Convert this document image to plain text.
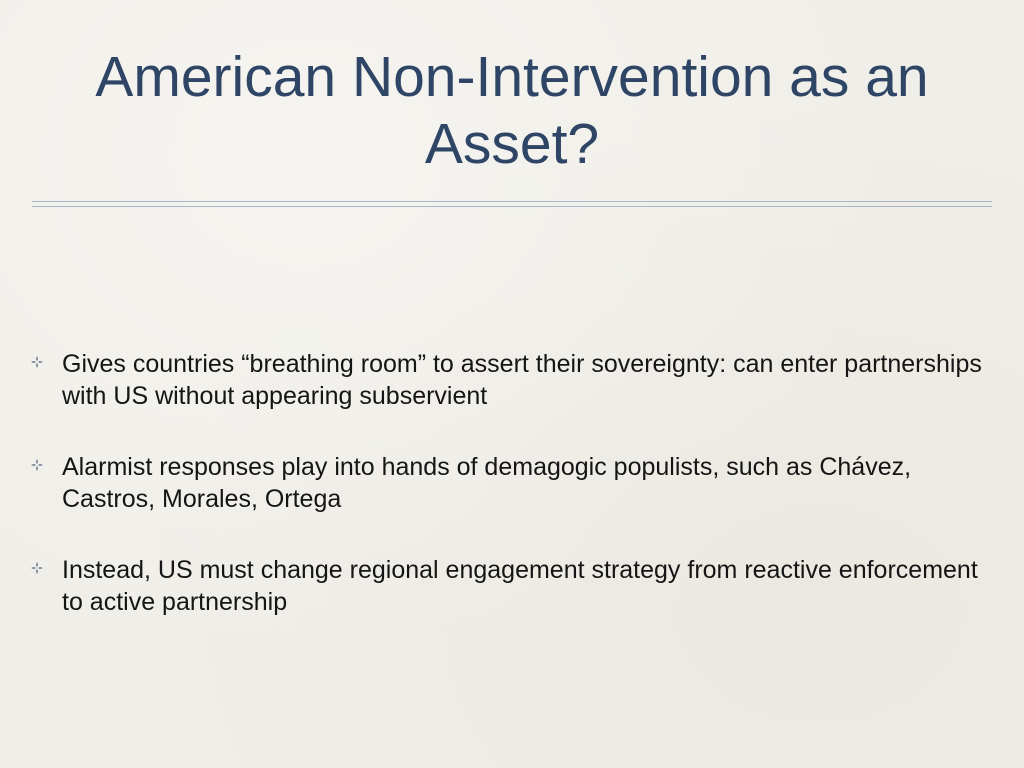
American Non-Intervention as an Asset?
Gives countries “breathing room” to assert their sovereignty: can enter partnerships with US without appearing subservient
Alarmist responses play into hands of demagogic populists, such as Chávez, Castros, Morales, Ortega
Instead, US must change regional engagement strategy from reactive enforcement to active partnership
